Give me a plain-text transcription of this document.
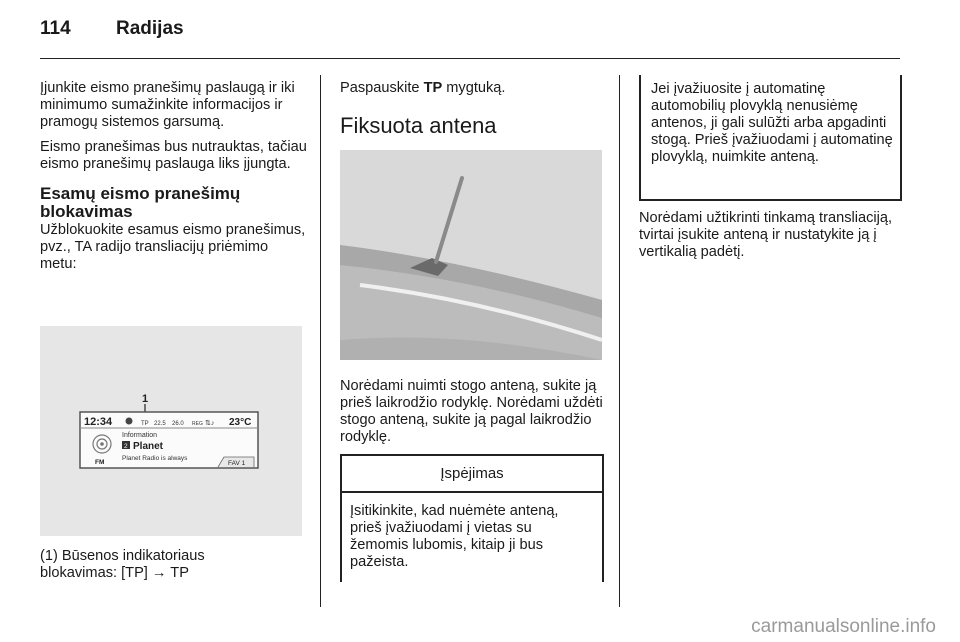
114 Radijas

Įjunkite eismo pranešimų paslaugą ir iki minimumo sumažinkite informacijos ir pramogų sistemos garsumą.

Eismo pranešimas bus nutrauktas, tačiau eismo pranešimų paslauga liks įjungta.

Esamų eismo pranešimų
blokavimas

Užblokuokite esamus eismo pranešimus, pvz., TA radijo transliacijų priėmimo metu:

1
12:34	TP 22.5 26.0 REG ⇅♪ 23°C
FM
Information
2 Planet
Planet Radio is always
FAV 1
(1) Būsenos indikatoriaus
blokavimas: [TP] → TP

Paspauskite TP mygtuką.

Fiksuota antena
Norėdami nuimti stogo anteną, sukite ją prieš laikrodžio rodyklę. Norėdami uždėti stogo anteną, sukite ją pagal laikrodžio rodyklę.
Įspėjimas
Įsitikinkite, kad nuėmėte anteną, prieš įvažiuodami į vietas su žemomis lubomis, kitaip ji bus pažeista.
Jei įvažiuosite į automatinę automobilių plovyklą nenusiėmę antenos, ji gali sulūžti arba apgadinti stogą. Prieš įvažiuodami į automatinę plovyklą, nuimkite anteną.
Norėdami užtikrinti tinkamą transliaciją, tvirtai įsukite anteną ir nustatykite ją į vertikalią padėtį.
carmanualsonline.info
